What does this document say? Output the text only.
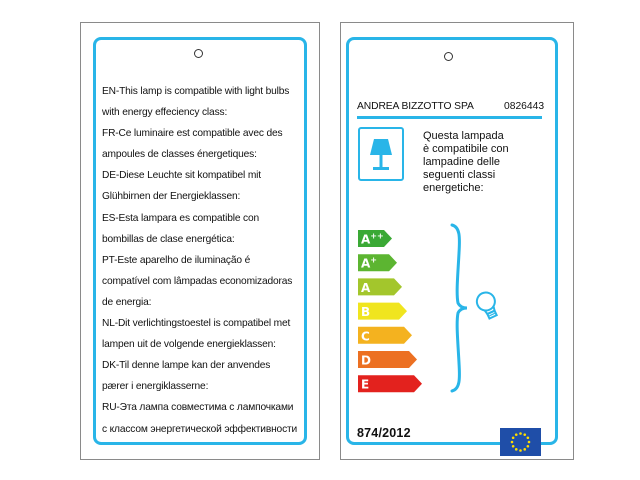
EN-This lamp is compatible with light bulbs
with energy effeciency class:
FR-Ce luminaire est compatible avec des
ampoules de classes énergetiques:
DE-Diese Leuchte sit kompatibel mit
Glühbirnen der Energieklassen:
ES-Esta lampara es compatible con
bombillas de clase energética:
PT-Este aparelho de iluminação é
compatível com lâmpadas economizadoras
de energia:
NL-Dit verlichtingstoestel is compatibel met
lampen uit de volgende energieklassen:
DK-Til denne lampe kan der anvendes
pærer i energiklasserne:
RU-Эта лампа совместима с лампочками
с классом энергетической эффективности
ANDREA BIZZOTTO SPA	0826443
Questa lampada
è compatibile con
lampadine delle
seguenti classi
energetiche:
A++
A+
A
B
C
D
E
874/2012
